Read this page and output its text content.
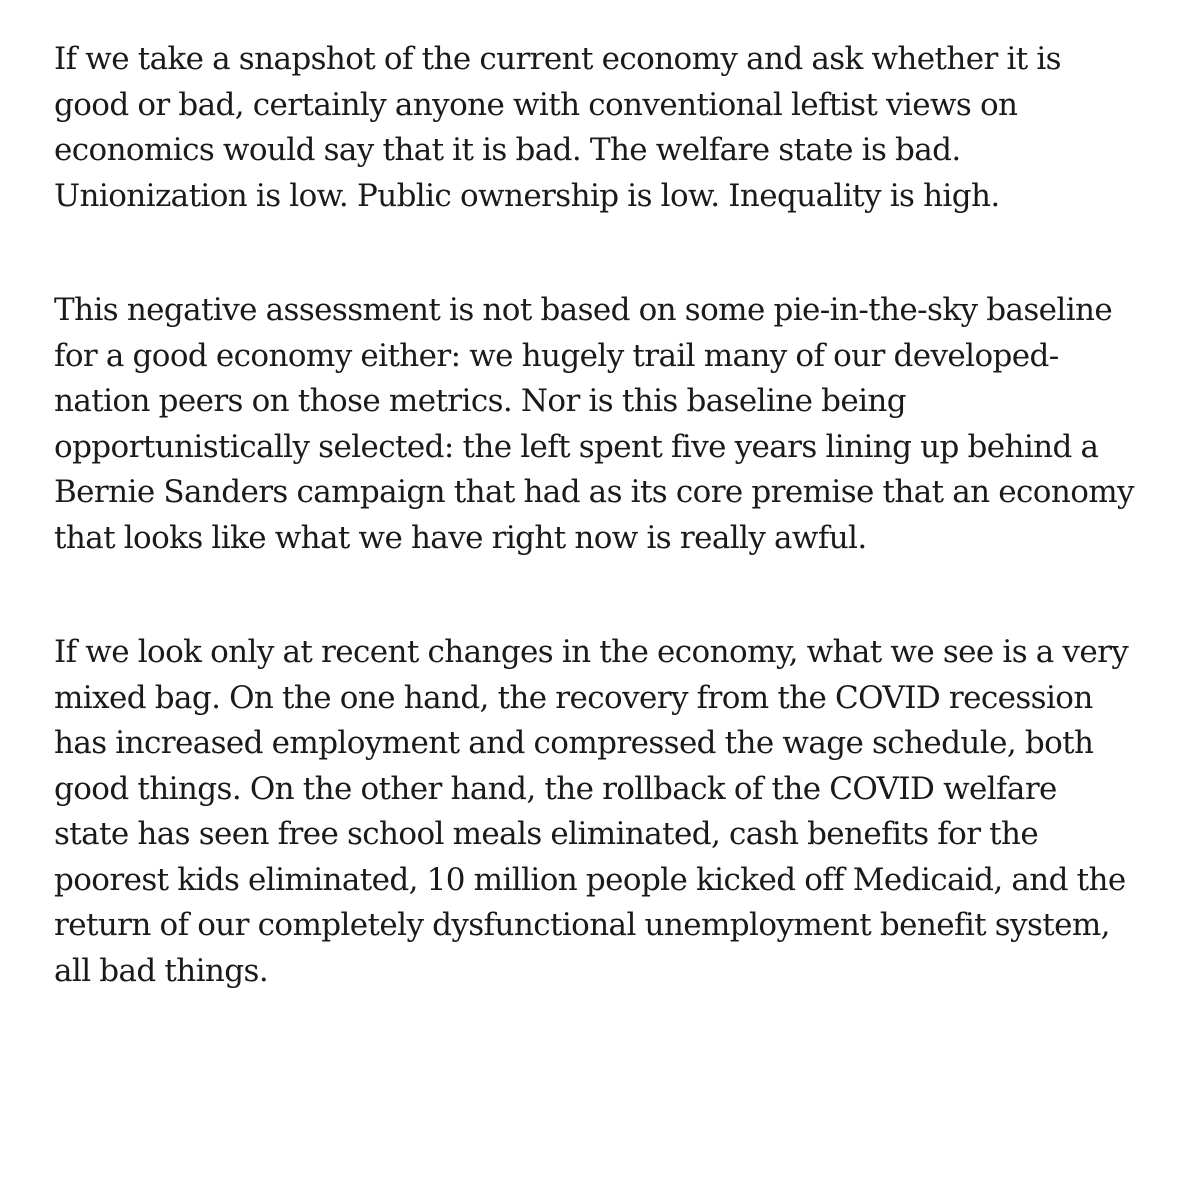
If we take a snapshot of the current economy and ask whether it is
good or bad, certainly anyone with conventional leftist views on
economics would say that it is bad. The welfare state is bad.
Unionization is low. Public ownership is low. Inequality is high.

This negative assessment is not based on some pie-in-the-sky baseline
for a good economy either: we hugely trail many of our developed-
nation peers on those metrics. Nor is this baseline being
opportunistically selected: the left spent five years lining up behind a
Bernie Sanders campaign that had as its core premise that an economy
that looks like what we have right now is really awful.

If we look only at recent changes in the economy, what we see is a very
mixed bag. On the one hand, the recovery from the COVID recession
has increased employment and compressed the wage schedule, both
good things. On the other hand, the rollback of the COVID welfare
state has seen free school meals eliminated, cash benefits for the
poorest kids eliminated, 10 million people kicked off Medicaid, and the
return of our completely dysfunctional unemployment benefit system,
all bad things.
